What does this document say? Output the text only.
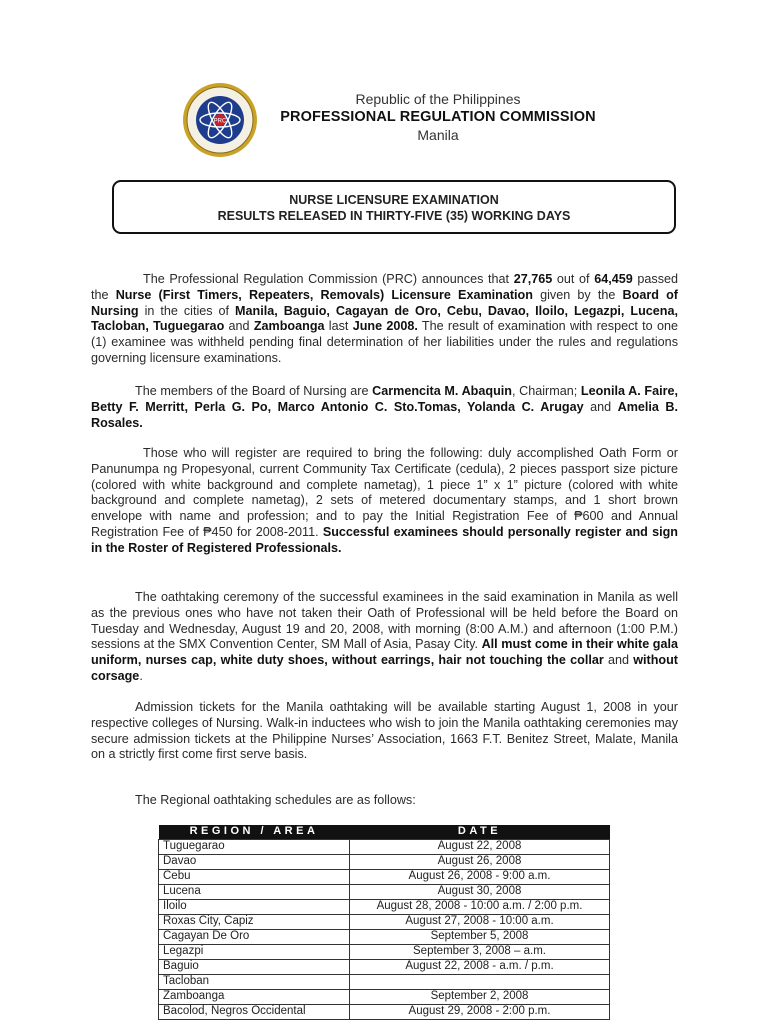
PRC
Republic of the Philippines
PROFESSIONAL REGULATION COMMISSION
Manila
NURSE LICENSURE EXAMINATION
RESULTS RELEASED IN THIRTY-FIVE (35) WORKING DAYS
The Professional Regulation Commission (PRC) announces that 27,765 out of 64,459 passed the Nurse (First Timers, Repeaters, Removals) Licensure Examination given by the Board of Nursing in the cities of Manila, Baguio, Cagayan de Oro, Cebu, Davao, Iloilo, Legazpi, Lucena, Tacloban, Tuguegarao and Zamboanga last June 2008. The result of examination with respect to one (1) examinee was withheld pending final determination of her liabilities under the rules and regulations governing licensure examinations.
The members of the Board of Nursing are Carmencita M. Abaquin, Chairman; Leonila A. Faire, Betty F. Merritt, Perla G. Po, Marco Antonio C. Sto.Tomas, Yolanda C. Arugay and Amelia B. Rosales.
Those who will register are required to bring the following: duly accomplished Oath Form or Panunumpa ng Propesyonal, current Community Tax Certificate (cedula), 2 pieces passport size picture (colored with white background and complete nametag), 1 piece 1” x 1” picture (colored with white background and complete nametag), 2 sets of metered documentary stamps, and 1 short brown envelope with name and profession; and to pay the Initial Registration Fee of ₱600 and Annual Registration Fee of ₱450 for 2008-2011. Successful examinees should personally register and sign in the Roster of Registered Professionals.
The oathtaking ceremony of the successful examinees in the said examination in Manila as well as the previous ones who have not taken their Oath of Professional will be held before the Board on Tuesday and Wednesday, August 19 and 20, 2008, with morning (8:00 A.M.) and afternoon (1:00 P.M.) sessions at the SMX Convention Center, SM Mall of Asia, Pasay City. All must come in their white gala uniform, nurses cap, white duty shoes, without earrings, hair not touching the collar and without corsage.
Admission tickets for the Manila oathtaking will be available starting August 1, 2008 in your respective colleges of Nursing. Walk-in inductees who wish to join the Manila oathtaking ceremonies may secure admission tickets at the Philippine Nurses’ Association, 1663 F.T. Benitez Street, Malate, Manila on a strictly first come first serve basis.
The Regional oathtaking schedules are as follows:
REGION / AREA	DATE
Tuguegarao	August 22, 2008
Davao	August 26, 2008
Cebu	August 26, 2008 - 9:00 a.m.
Lucena	August 30, 2008
Iloilo	August 28, 2008 - 10:00 a.m. / 2:00 p.m.
Roxas City, Capiz	August 27, 2008 - 10:00 a.m.
Cagayan De Oro	September 5, 2008
Legazpi	September 3, 2008 – a.m.
Baguio	August 22, 2008 - a.m. / p.m.
Tacloban	
Zamboanga	September 2, 2008
Bacolod, Negros Occidental	August 29, 2008 - 2:00 p.m.
